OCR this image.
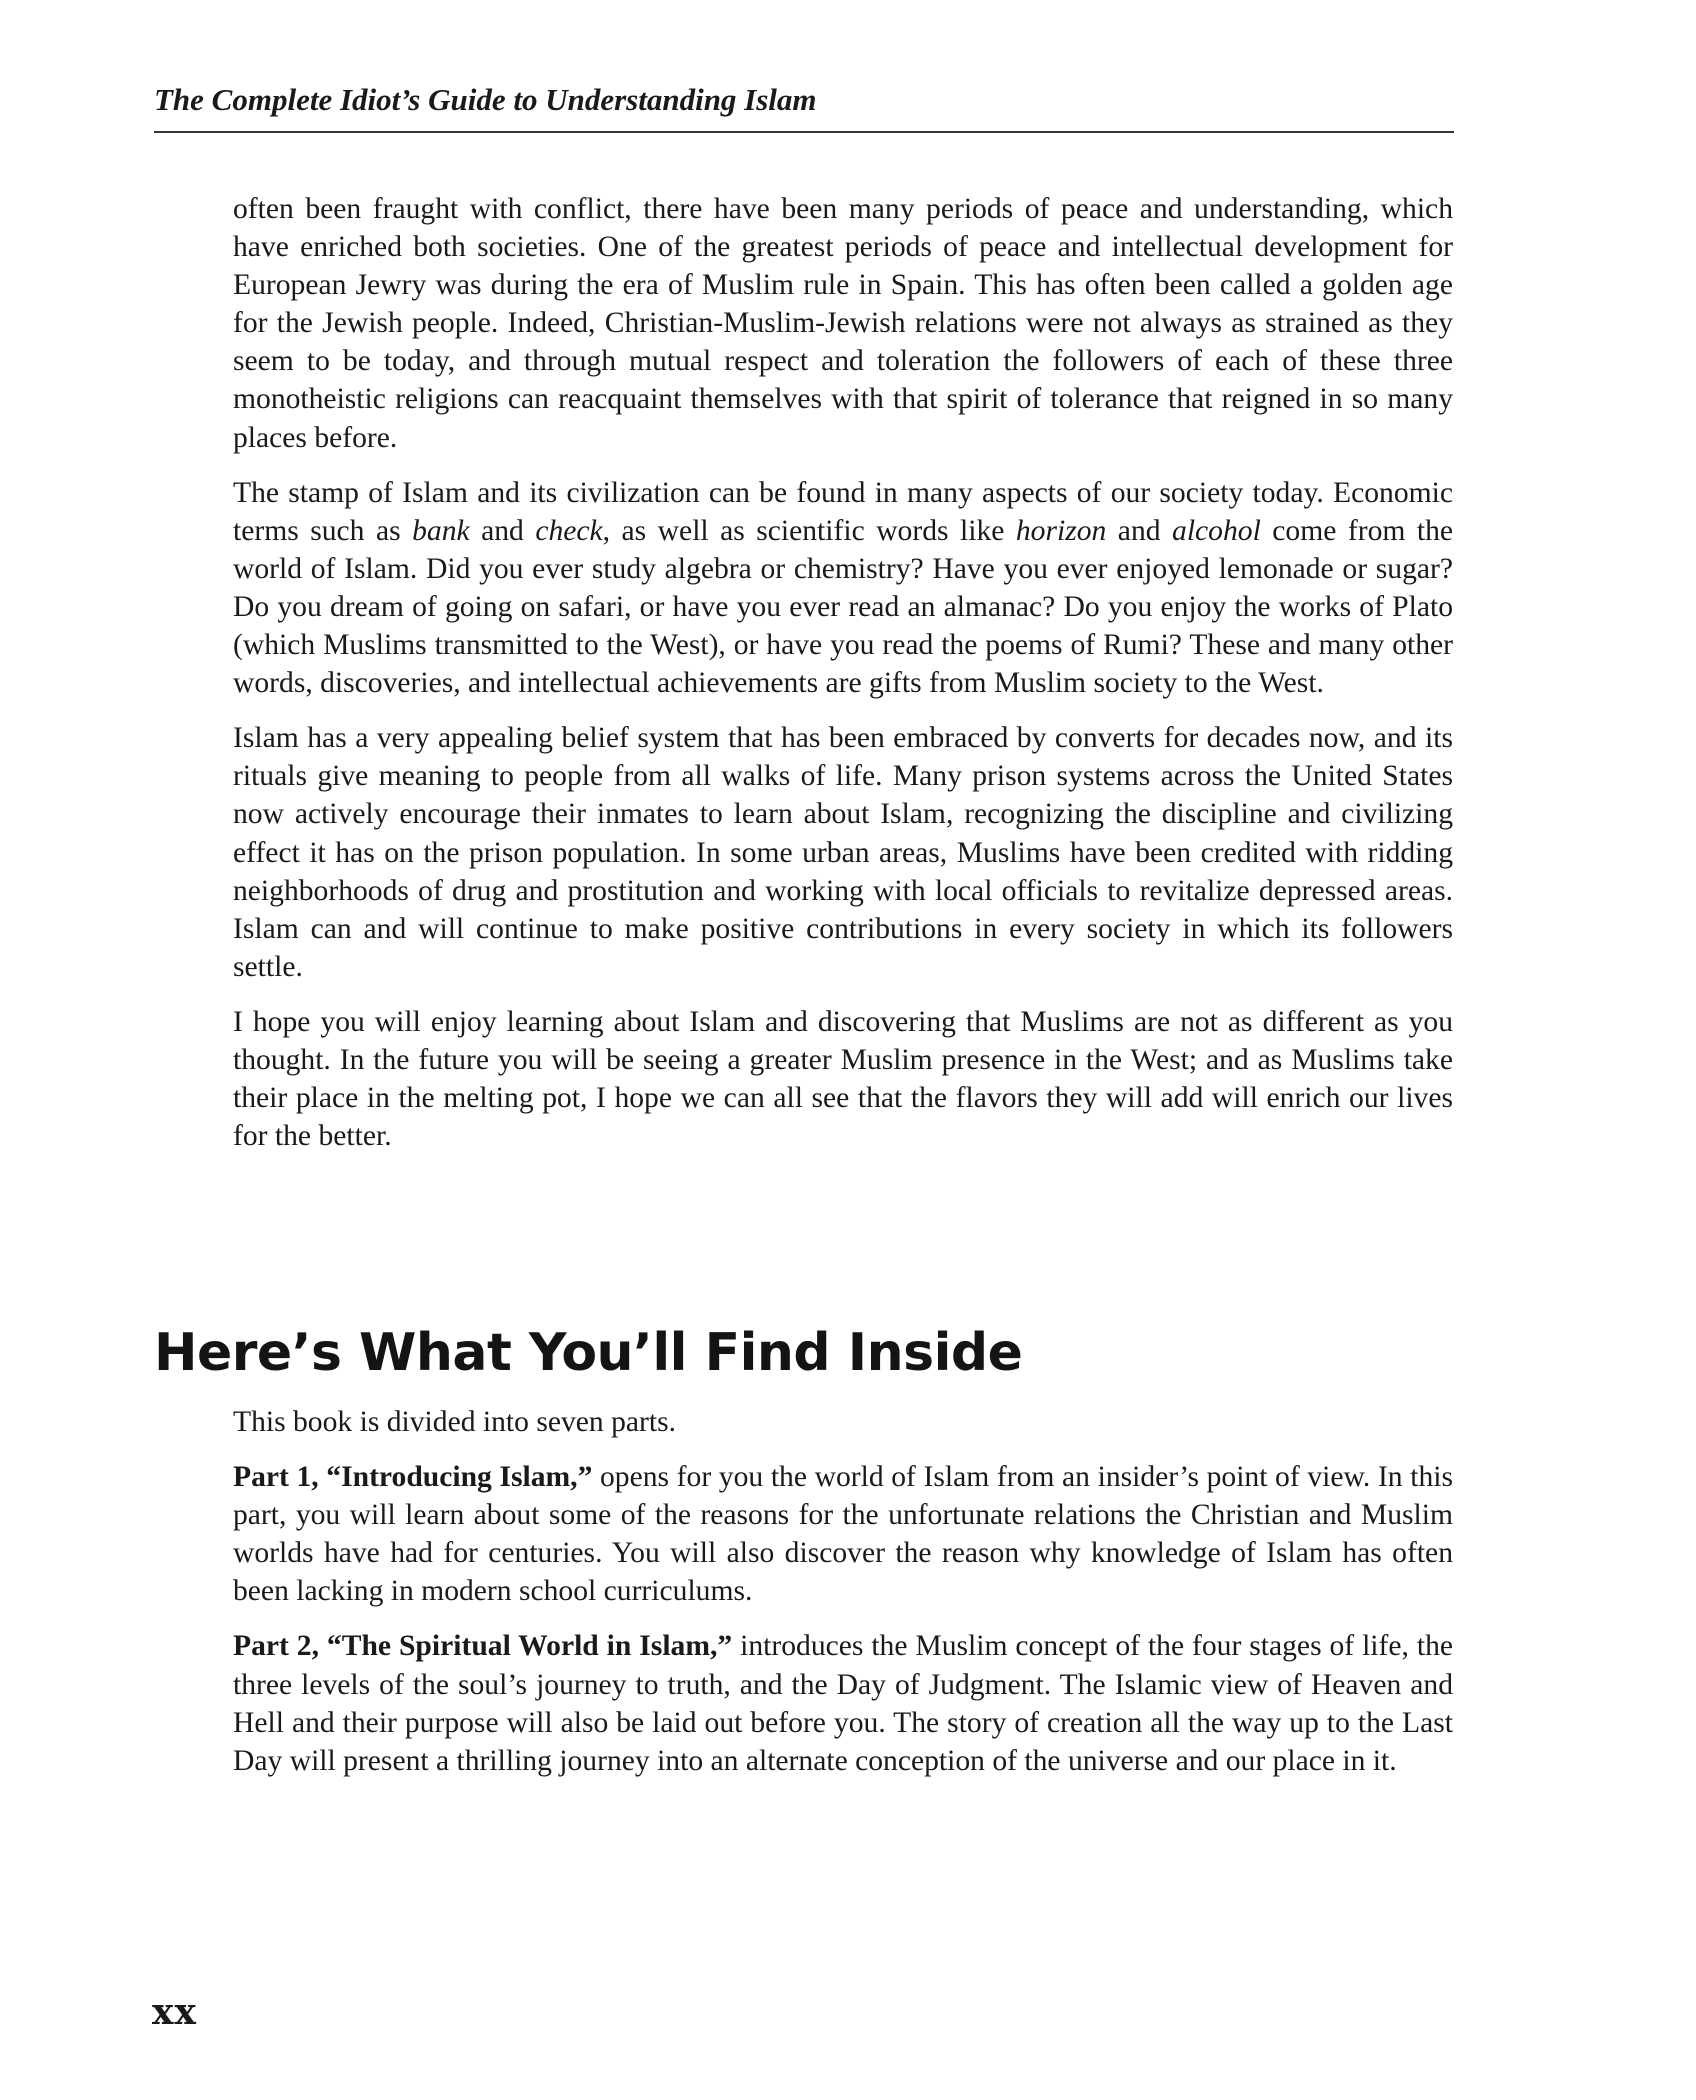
The Complete Idiot’s Guide to Understanding Islam

often been fraught with conflict, there have been many periods of peace and understanding, which have enriched both societies. One of the greatest periods of peace and intellectual development for European Jewry was during the era of Muslim rule in Spain. This has often been called a golden age for the Jewish people. Indeed, Christian-Muslim-Jewish relations were not always as strained as they seem to be today, and through mutual respect and toleration the followers of each of these three monotheistic religions can reacquaint themselves with that spirit of tolerance that reigned in so many places before.

The stamp of Islam and its civilization can be found in many aspects of our society today. Economic terms such as bank and check, as well as scientific words like horizon and alcohol come from the world of Islam. Did you ever study algebra or chemistry? Have you ever enjoyed lemonade or sugar? Do you dream of going on safari, or have you ever read an almanac? Do you enjoy the works of Plato (which Muslims transmitted to the West), or have you read the poems of Rumi? These and many other words, discoveries, and intellectual achievements are gifts from Muslim society to the West.

Islam has a very appealing belief system that has been embraced by converts for decades now, and its rituals give meaning to people from all walks of life. Many prison systems across the United States now actively encourage their inmates to learn about Islam, recognizing the discipline and civilizing effect it has on the prison population. In some urban areas, Muslims have been credited with ridding neighborhoods of drug and prostitution and working with local officials to revitalize depressed areas. Islam can and will continue to make positive contributions in every society in which its followers settle.

I hope you will enjoy learning about Islam and discovering that Muslims are not as different as you thought. In the future you will be seeing a greater Muslim presence in the West; and as Muslims take their place in the melting pot, I hope we can all see that the flavors they will add will enrich our lives for the better.

Here’s What You’ll Find Inside

This book is divided into seven parts.

Part 1, “Introducing Islam,” opens for you the world of Islam from an insider’s point of view. In this part, you will learn about some of the reasons for the unfortunate relations the Christian and Muslim worlds have had for centuries. You will also discover the reason why knowledge of Islam has often been lacking in modern school curriculums.

Part 2, “The Spiritual World in Islam,” introduces the Muslim concept of the four stages of life, the three levels of the soul’s journey to truth, and the Day of Judgment. The Islamic view of Heaven and Hell and their purpose will also be laid out before you. The story of creation all the way up to the Last Day will present a thrilling journey into an alternate conception of the universe and our place in it.

xx
